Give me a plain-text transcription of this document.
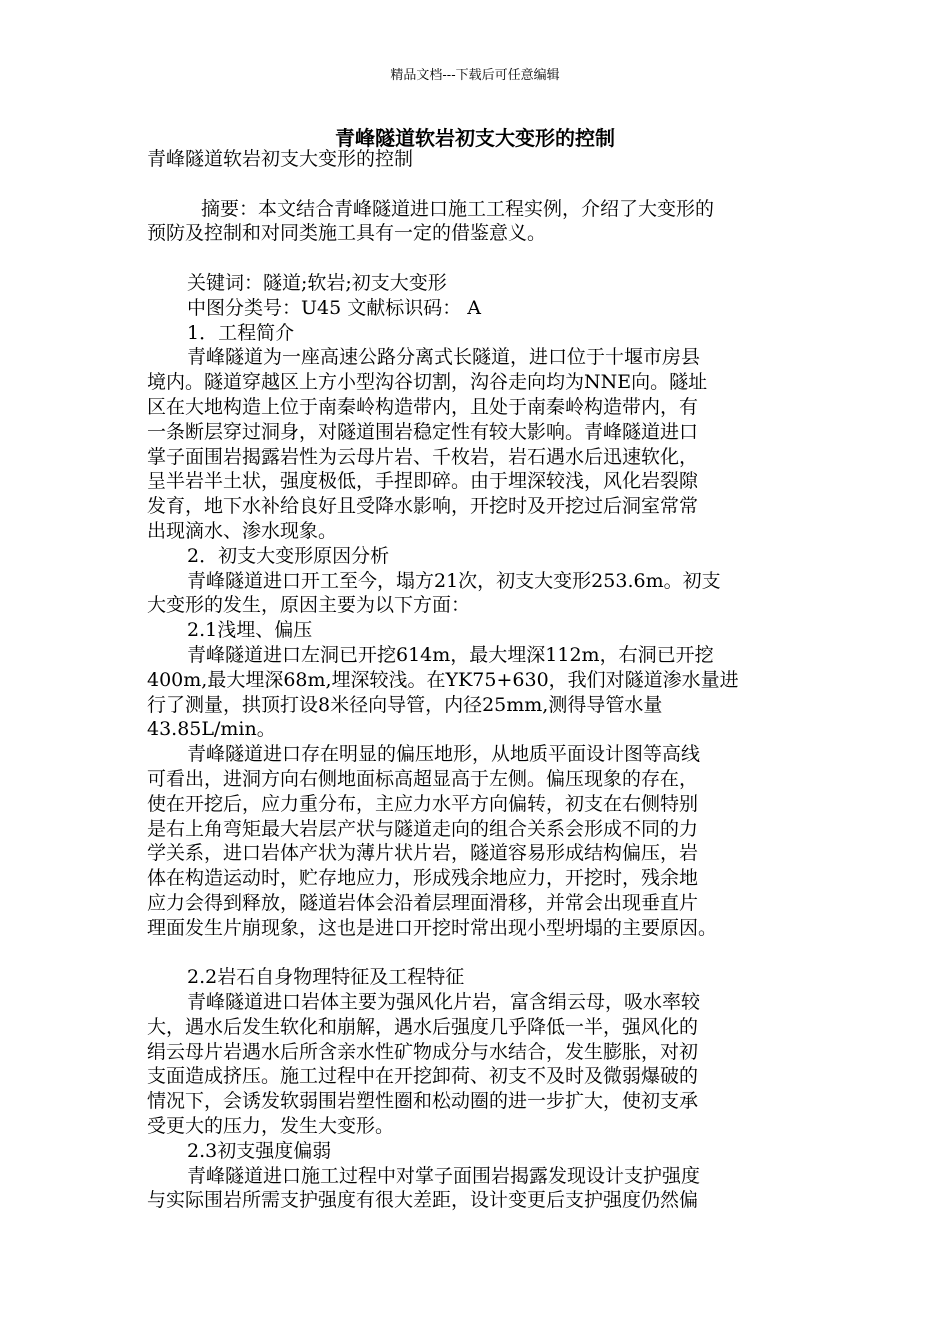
精品文档---下载后可任意编辑
青峰隧道软岩初支大变形的控制
青峰隧道软岩初支大变形的控制
摘要：本文结合青峰隧道进口施工工程实例，介绍了大变形的
预防及控制和对同类施工具有一定的借鉴意义。
关键词：隧道;软岩;初支大变形
中图分类号：U45 文献标识码： A
1．工程简介
青峰隧道为一座高速公路分离式长隧道，进口位于十堰市房县
境内。隧道穿越区上方小型沟谷切割，沟谷走向均为NNE向。隧址
区在大地构造上位于南秦岭构造带内，且处于南秦岭构造带内，有
一条断层穿过洞身，对隧道围岩稳定性有较大影响。青峰隧道进口
掌子面围岩揭露岩性为云母片岩、千枚岩，岩石遇水后迅速软化，
呈半岩半土状，强度极低，手捏即碎。由于埋深较浅，风化岩裂隙
发育，地下水补给良好且受降水影响，开挖时及开挖过后洞室常常
出现滴水、渗水现象。
2．初支大变形原因分析
青峰隧道进口开工至今，塌方21次，初支大变形253.6m。初支
大变形的发生，原因主要为以下方面：
2.1浅埋、偏压
青峰隧道进口左洞已开挖614m，最大埋深112m，右洞已开挖
400m,最大埋深68m,埋深较浅。在YK75+630，我们对隧道渗水量进
行了测量，拱顶打设8米径向导管，内径25mm,测得导管水量
43.85L/min。
青峰隧道进口存在明显的偏压地形，从地质平面设计图等高线
可看出，进洞方向右侧地面标高超显高于左侧。偏压现象的存在，
使在开挖后，应力重分布，主应力水平方向偏转，初支在右侧特别
是右上角弯矩最大岩层产状与隧道走向的组合关系会形成不同的力
学关系，进口岩体产状为薄片状片岩，隧道容易形成结构偏压，岩
体在构造运动时，贮存地应力，形成残余地应力，开挖时，残余地
应力会得到释放，隧道岩体会沿着层理面滑移，并常会出现垂直片
理面发生片崩现象，这也是进口开挖时常出现小型坍塌的主要原因。
2.2岩石自身物理特征及工程特征
青峰隧道进口岩体主要为强风化片岩，富含绢云母，吸水率较
大，遇水后发生软化和崩解，遇水后强度几乎降低一半，强风化的
绢云母片岩遇水后所含亲水性矿物成分与水结合，发生膨胀，对初
支面造成挤压。施工过程中在开挖卸荷、初支不及时及微弱爆破的
情况下，会诱发软弱围岩塑性圈和松动圈的进一步扩大，使初支承
受更大的压力，发生大变形。
2.3初支强度偏弱
青峰隧道进口施工过程中对掌子面围岩揭露发现设计支护强度
与实际围岩所需支护强度有很大差距，设计变更后支护强度仍然偏
